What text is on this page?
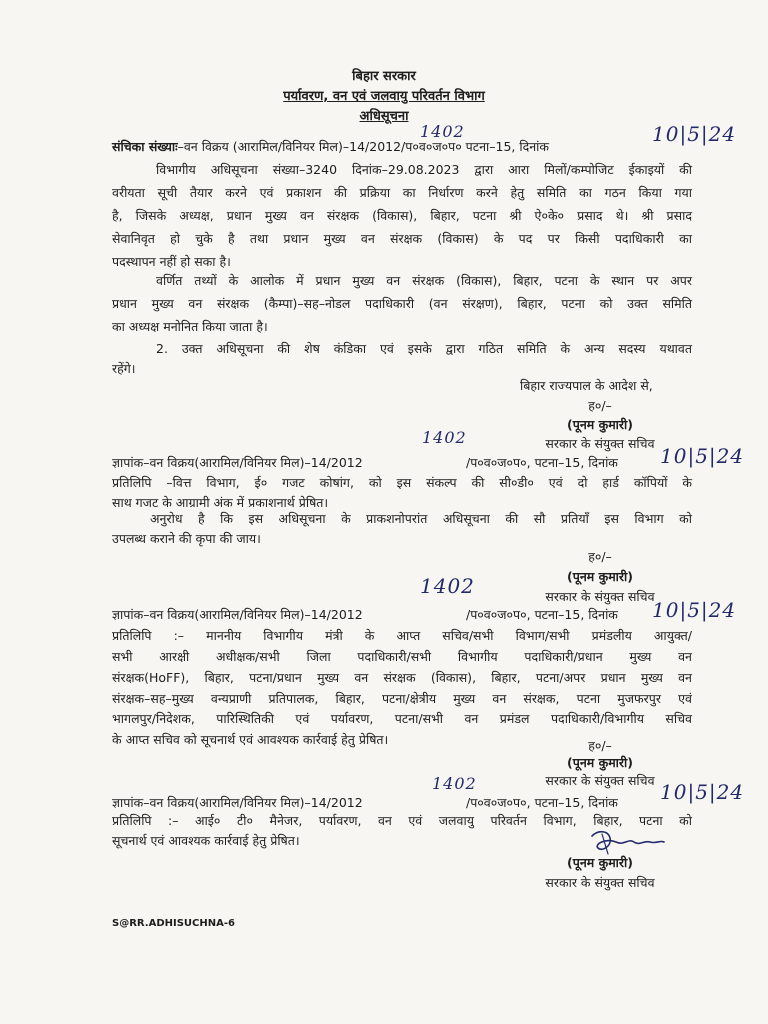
बिहार सरकार
पर्यावरण, वन एवं जलवायु परिवर्तन विभाग
अधिसूचना
1402	10|5|24
संचिका संख्याः–वन विक्रय (आरामिल/विनियर मिल)–14/2012/प०व०ज०प० पटना–15, दिनांक
विभागीय अधिसूचना संख्या–3240 दिनांक–29.08.2023 द्वारा आरा मिलों/कम्पोजिट ईकाइयों की
वरीयता सूची तैयार करने एवं प्रकाशन की प्रक्रिया का निर्धारण करने हेतु समिति का गठन किया गया
है, जिसके अध्यक्ष, प्रधान मुख्य वन संरक्षक (विकास), बिहार, पटना श्री ऐ०के० प्रसाद थे। श्री प्रसाद
सेवानिवृत हो चुके है तथा प्रधान मुख्य वन संरक्षक (विकास) के पद पर किसी पदाधिकारी का
पदस्थापन नहीं हो सका है।
वर्णित तथ्यों के आलोक में प्रधान मुख्य वन संरक्षक (विकास), बिहार, पटना के स्थान पर अपर
प्रधान मुख्य वन संरक्षक (कैम्पा)–सह–नोडल पदाधिकारी (वन संरक्षण), बिहार, पटना को उक्त समिति
का अध्यक्ष मनोनित किया जाता है।
2. उक्त अधिसूचना की शेष कंडिका एवं इसके द्वारा गठित समिति के अन्य सदस्य यथावत
रहेंगे।
बिहार राज्यपाल के आदेश से,
ह०/–
(पूनम कुमारी)
सरकार के संयुक्त सचिव
1402
ज्ञापांक–वन विक्रय(आरामिल/विनियर मिल)–14/2012	/प०व०ज०प०, पटना–15, दिनांक 10|5|24
प्रतिलिपि –वित्त विभाग, ई० गजट कोषांग, को इस संकल्प की सी०डी० एवं दो हार्ड कॉपियों के
साथ गजट के आग्रामी अंक में प्रकाशनार्थ प्रेषित।
अनुरोध है कि इस अधिसूचना के प्राकशनोपरांत अधिसूचना की सौ प्रतियॉं इस विभाग को
उपलब्ध कराने की कृपा की जाय।
ह०/–
(पूनम कुमारी)
सरकार के संयुक्त सचिव
1402
ज्ञापांक–वन विक्रय(आरामिल/विनियर मिल)–14/2012	/प०व०ज०प०, पटना–15, दिनांक 10|5|24
प्रतिलिपि :– माननीय विभागीय मंत्री के आप्त सचिव/सभी विभाग/सभी प्रमंडलीय आयुक्त/
सभी आरक्षी अधीक्षक/सभी जिला पदाधिकारी/सभी विभागीय पदाधिकारी/प्रधान मुख्य वन
संरक्षक(HoFF), बिहार, पटना/प्रधान मुख्य वन संरक्षक (विकास), बिहार, पटना/अपर प्रधान मुख्य वन
संरक्षक–सह–मुख्य वन्यप्राणी प्रतिपालक, बिहार, पटना/क्षेत्रीय मुख्य वन संरक्षक, पटना मुजफरपुर एवं
भागलपुर/निदेशक, पारिस्थितिकी एवं पर्यावरण, पटना/सभी वन प्रमंडल पदाधिकारी/विभागीय सचिव
के आप्त सचिव को सूचनार्थ एवं आवश्यक कार्रवाई हेतु प्रेषित।	ह०/–
(पूनम कुमारी)
सरकार के संयुक्त सचिव
1402
ज्ञापांक–वन विक्रय(आरामिल/विनियर मिल)–14/2012	/प०व०ज०प०, पटना–15, दिनांक 10|5|24
प्रतिलिपि :– आई० टी० मैनेजर, पर्यावरण, वन एवं जलवायु परिवर्तन विभाग, बिहार, पटना को
सूचनार्थ एवं आवश्यक कार्रवाई हेतु प्रेषित।
(पूनम कुमारी)
सरकार के संयुक्त सचिव
S@RR.ADHISUCHNA-6
